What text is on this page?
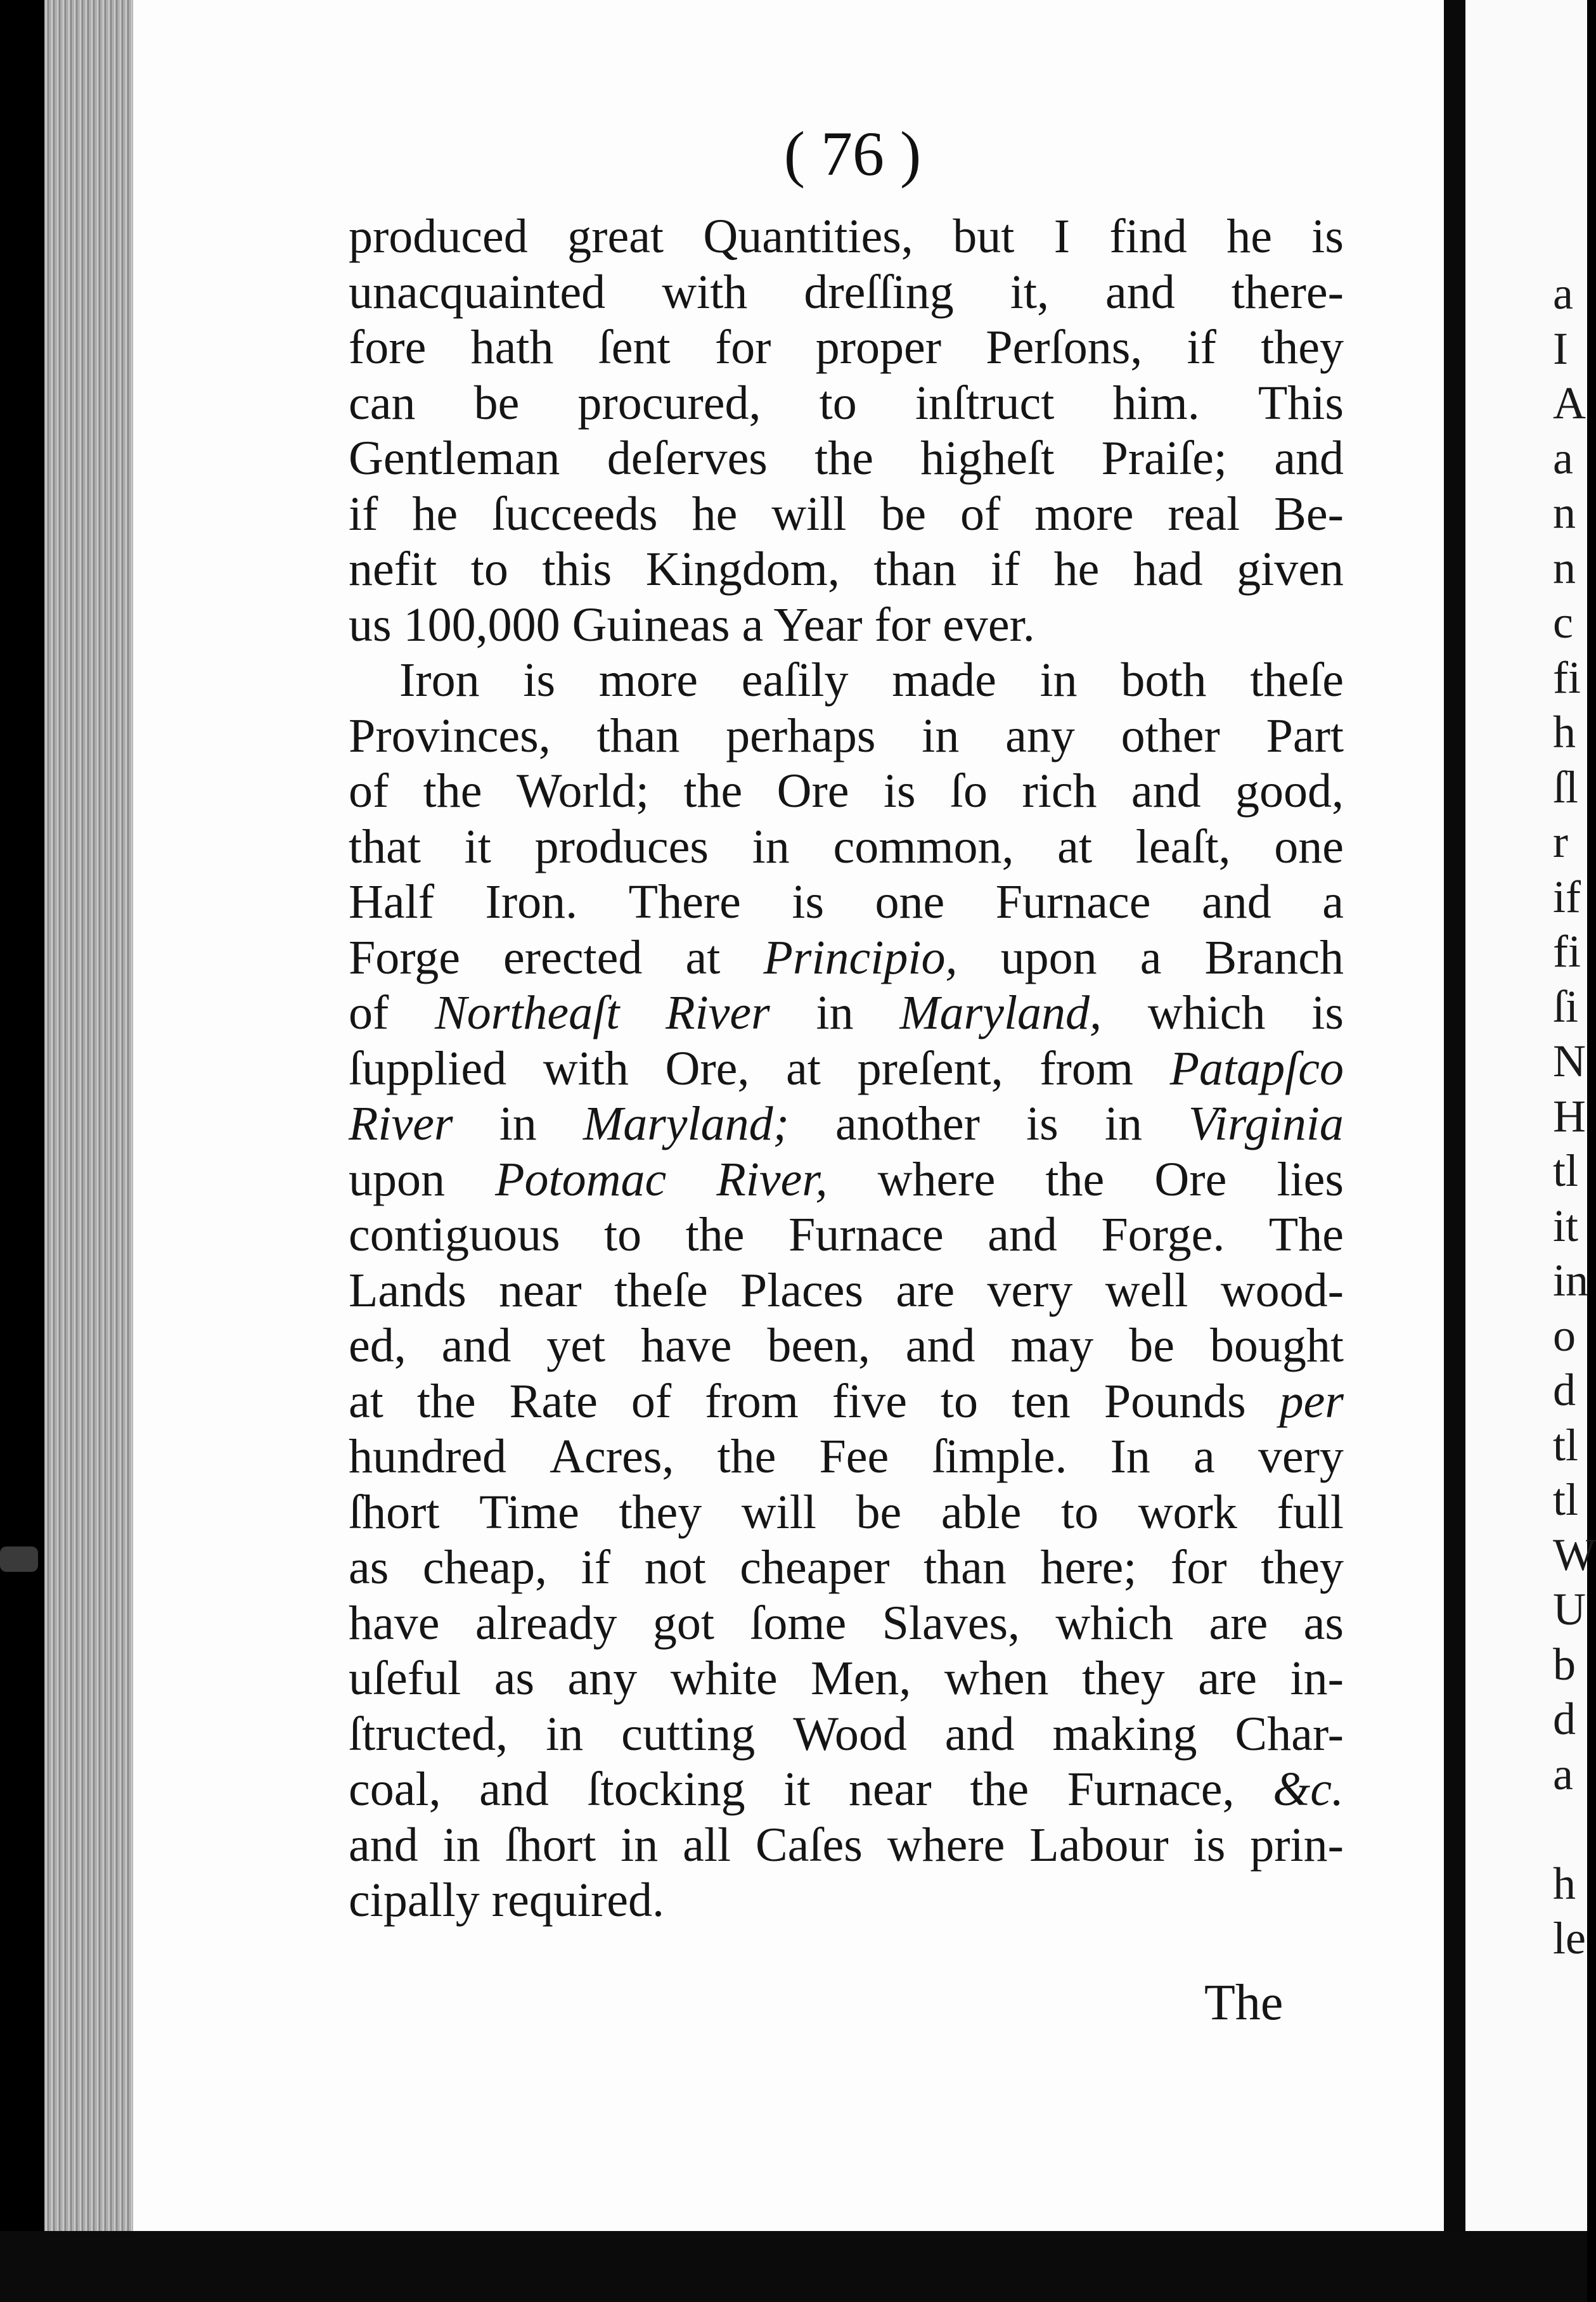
( 76 )
produced great Quantities, but I find he is
unacquainted with dreſſing it, and there-
fore hath ſent for proper Perſons, if they
can be procured, to inſtruct him. This
Gentleman deſerves the higheſt Praiſe; and
if he ſucceeds he will be of more real Be-
nefit to this Kingdom, than if he had given
us 100,000 Guineas a Year for ever.
Iron is more eaſily made in both theſe
Provinces, than perhaps in any other Part
of the World; the Ore is ſo rich and good,
that it produces in common, at leaſt, one
Half Iron. There is one Furnace and a
Forge erected at Principio, upon a Branch
of Northeaſt River in Maryland, which is
ſupplied with Ore, at preſent, from Patapſco
River in Maryland; another is in Virginia
upon Potomac River, where the Ore lies
contiguous to the Furnace and Forge. The
Lands near theſe Places are very well wood-
ed, and yet have been, and may be bought
at the Rate of from five to ten Pounds per
hundred Acres, the Fee ſimple. In a very
ſhort Time they will be able to work full
as cheap, if not cheaper than here; for they
have already got ſome Slaves, which are as
uſeful as any white Men, when they are in-
ſtructed, in cutting Wood and making Char-
coal, and ſtocking it near the Furnace, &c.
and in ſhort in all Caſes where Labour is prin-
cipally required.
The
a
I
A
a
n
n
c
fi
h
ſl
r
if
fi
ſi
N
H
tl
it
in
o
d
tl
tl
W
U
b
d
a
h
le
